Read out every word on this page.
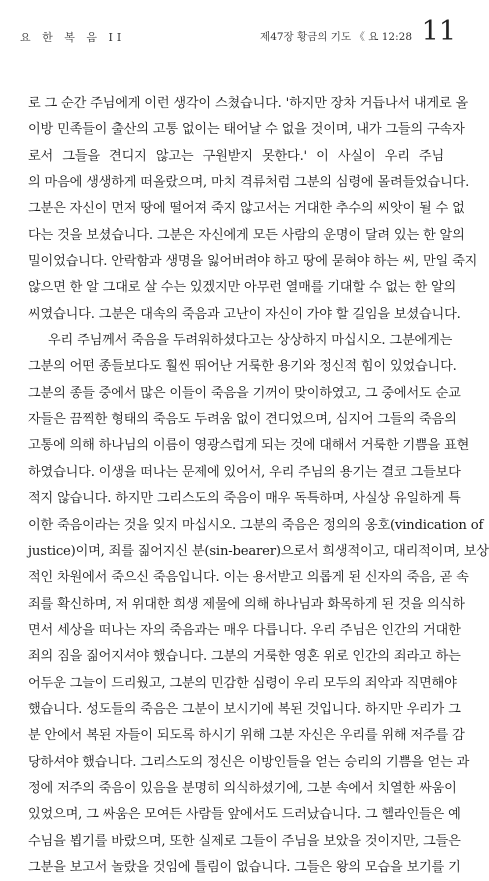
요 한 복 음 II	제47장 황금의 기도 《 요 12:28 11
로 그 순간 주님에게 이런 생각이 스쳤습니다. '하지만 장차 거듭나서 내게로 올
이방 민족들이 출산의 고통 없이는 태어날 수 없을 것이며, 내가 그들의 구속자
로서 그들을 견디지 않고는 구원받지 못한다.' 이 사실이 우리 주님
의 마음에 생생하게 떠올랐으며, 마치 격류처럼 그분의 심령에 몰려들었습니다.
그분은 자신이 먼저 땅에 떨어져 죽지 않고서는 거대한 추수의 씨앗이 될 수 없
다는 것을 보셨습니다. 그분은 자신에게 모든 사람의 운명이 달려 있는 한 알의
밀이었습니다. 안락함과 생명을 잃어버려야 하고 땅에 묻혀야 하는 씨, 만일 죽지
않으면 한 알 그대로 살 수는 있겠지만 아무런 열매를 기대할 수 없는 한 알의
씨였습니다. 그분은 대속의 죽음과 고난이 자신이 가야 할 길임을 보셨습니다.
우리 주님께서 죽음을 두려워하셨다고는 상상하지 마십시오. 그분에게는
그분의 어떤 종들보다도 훨씬 뛰어난 거룩한 용기와 정신적 힘이 있었습니다.
그분의 종들 중에서 많은 이들이 죽음을 기꺼이 맞이하였고, 그 중에서도 순교
자들은 끔찍한 형태의 죽음도 두려움 없이 견디었으며, 심지어 그들의 죽음의
고통에 의해 하나님의 이름이 영광스럽게 되는 것에 대해서 거룩한 기쁨을 표현
하였습니다. 이생을 떠나는 문제에 있어서, 우리 주님의 용기는 결코 그들보다
적지 않습니다. 하지만 그리스도의 죽음이 매우 독특하며, 사실상 유일하게 특
이한 죽음이라는 것을 잊지 마십시오. 그분의 죽음은 정의의 옹호(vindication of
justice)이며, 죄를 짊어지신 분(sin-bearer)으로서 희생적이고, 대리적이며, 보상
적인 차원에서 죽으신 죽음입니다. 이는 용서받고 의롭게 된 신자의 죽음, 곧 속
죄를 확신하며, 저 위대한 희생 제물에 의해 하나님과 화목하게 된 것을 의식하
면서 세상을 떠나는 자의 죽음과는 매우 다릅니다. 우리 주님은 인간의 거대한
죄의 짐을 짊어지셔야 했습니다. 그분의 거룩한 영혼 위로 인간의 죄라고 하는
어두운 그늘이 드리웠고, 그분의 민감한 심령이 우리 모두의 죄악과 직면해야
했습니다. 성도들의 죽음은 그분이 보시기에 복된 것입니다. 하지만 우리가 그
분 안에서 복된 자들이 되도록 하시기 위해 그분 자신은 우리를 위해 저주를 감
당하셔야 했습니다. 그리스도의 정신은 이방인들을 얻는 승리의 기쁨을 얻는 과
정에 저주의 죽음이 있음을 분명히 의식하셨기에, 그분 속에서 치열한 싸움이
있었으며, 그 싸움은 모여든 사람들 앞에서도 드러났습니다. 그 헬라인들은 예
수님을 뵙기를 바랐으며, 또한 실제로 그들이 주님을 보았을 것이지만, 그들은
그분을 보고서 놀랐을 것임에 틀림이 없습니다. 그들은 왕의 모습을 보기를 기
